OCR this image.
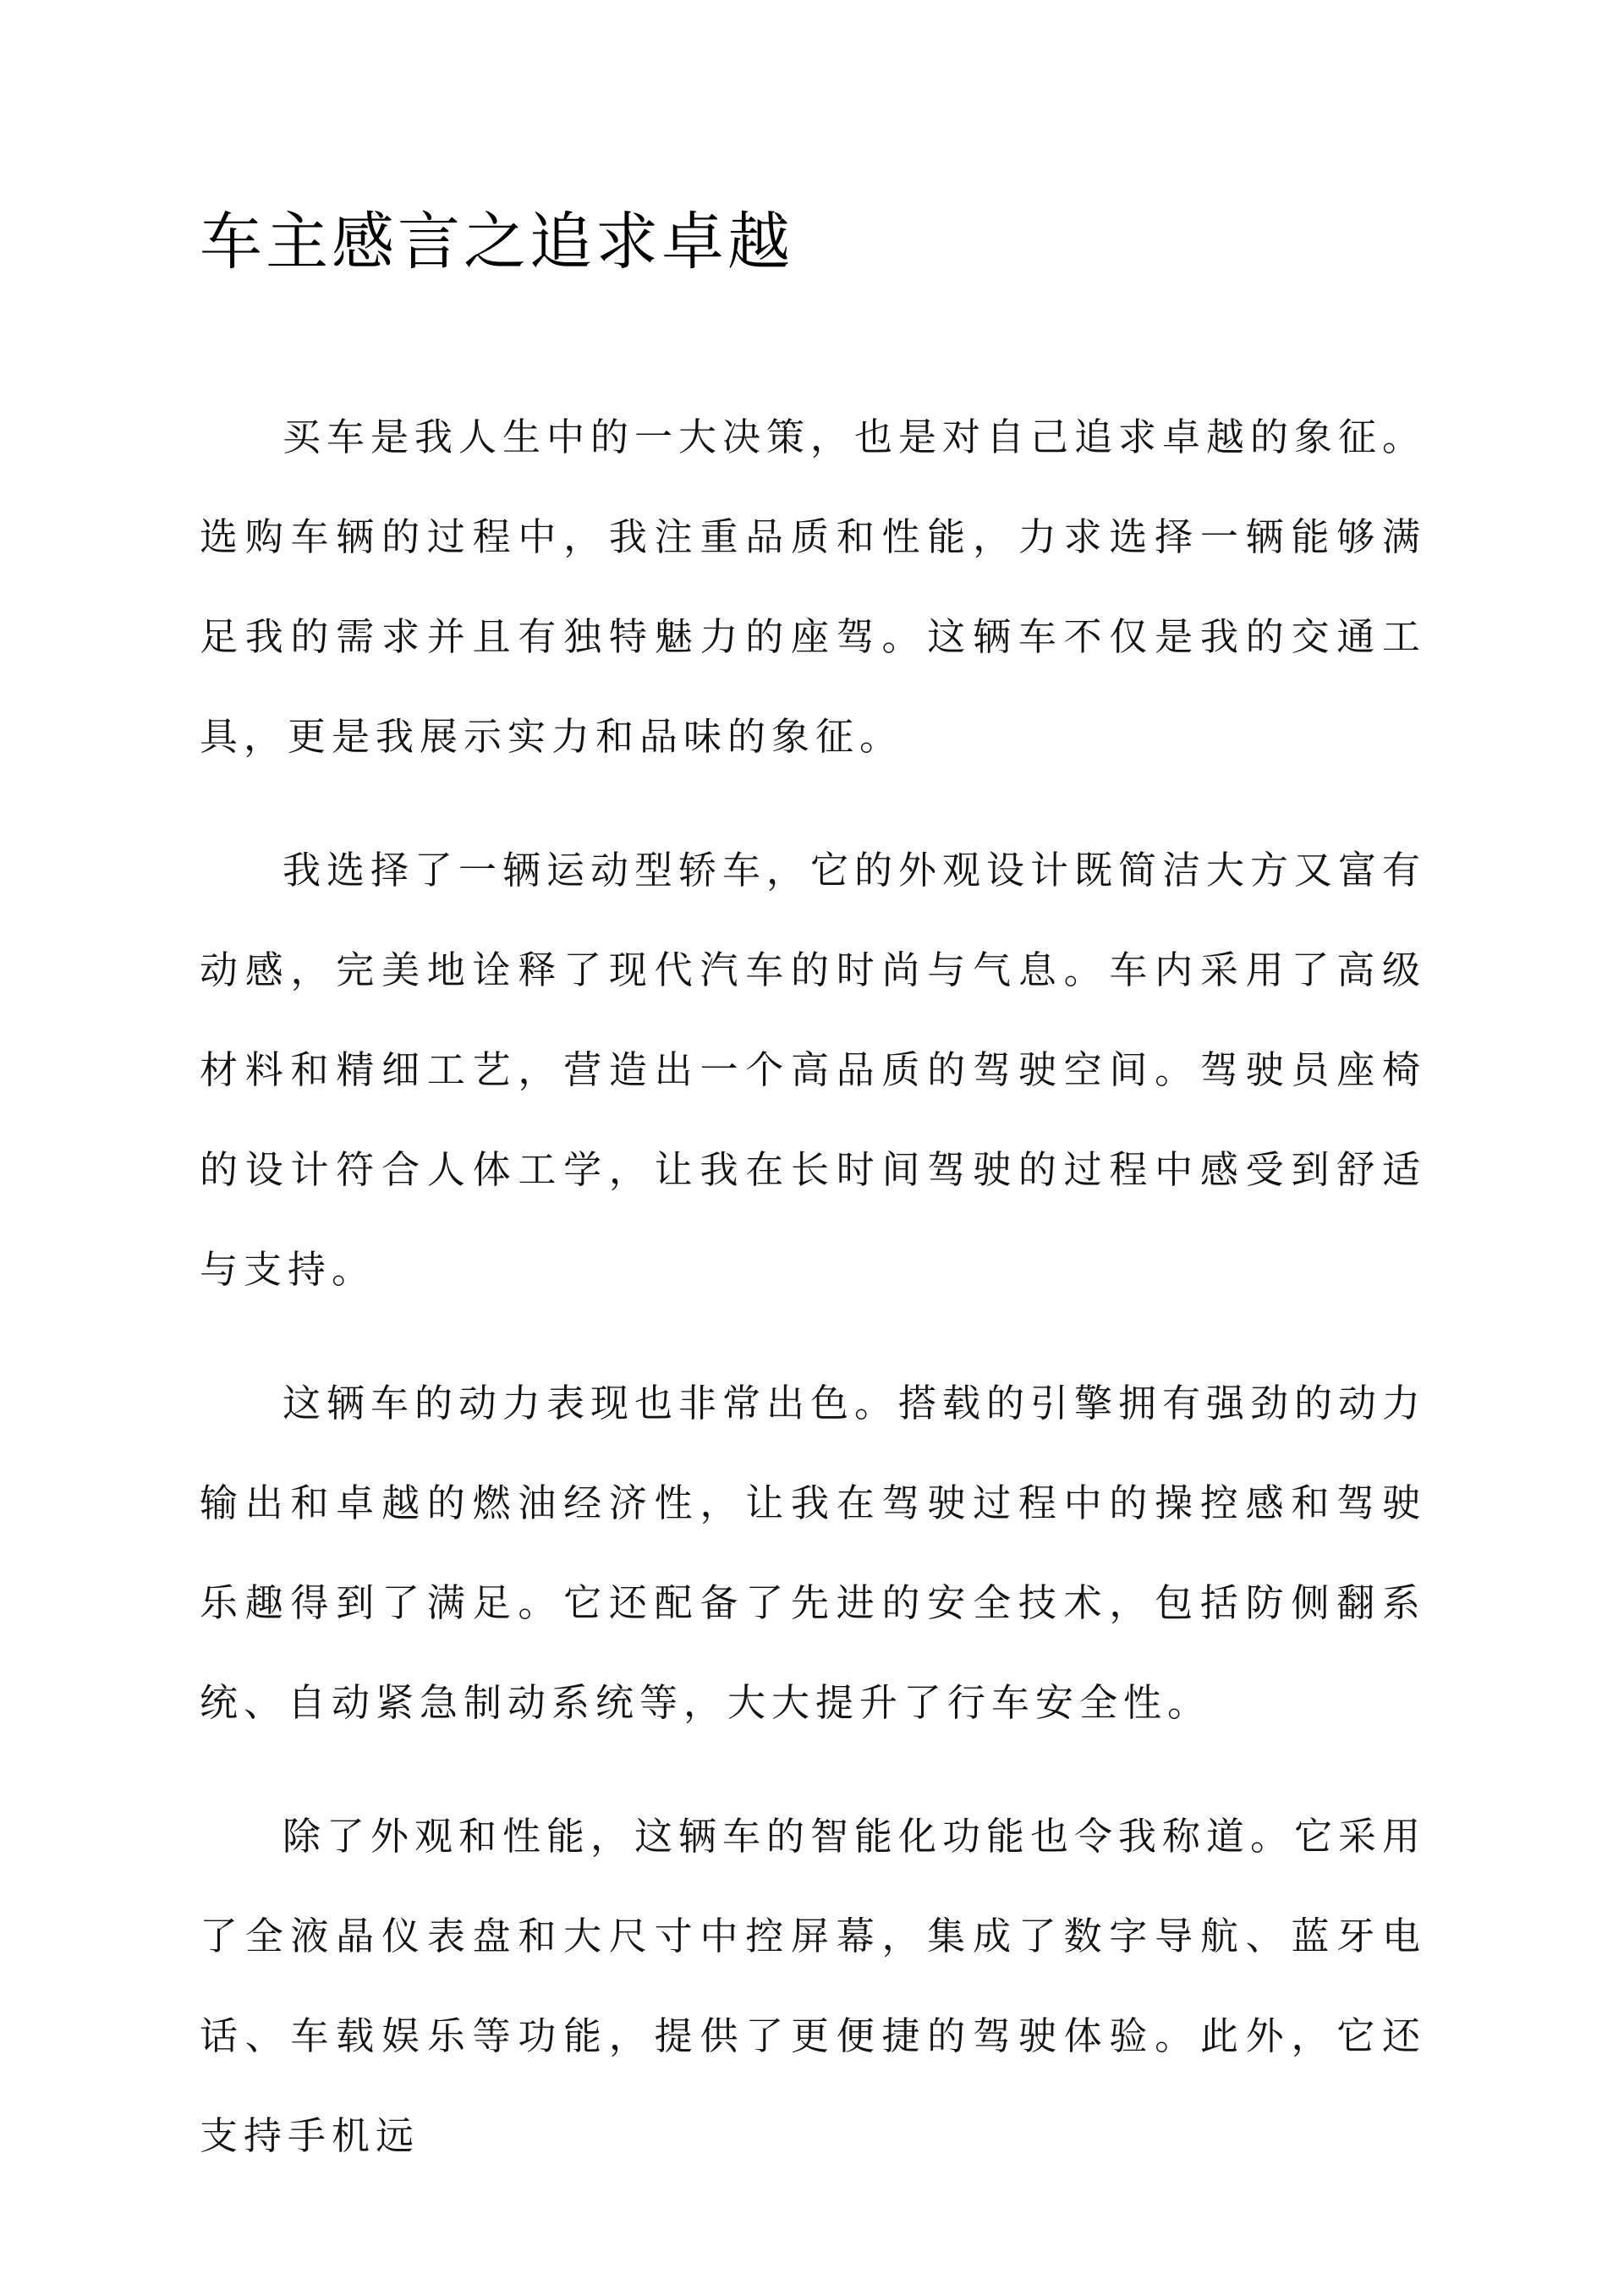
车主感言之追求卓越

买车是我人生中的一大决策，也是对自己追求卓越的象征。选购车辆的过程中，我注重品质和性能，力求选择一辆能够满足我的需求并且有独特魅力的座驾。这辆车不仅是我的交通工具，更是我展示实力和品味的象征。

我选择了一辆运动型轿车，它的外观设计既简洁大方又富有动感，完美地诠释了现代汽车的时尚与气息。车内采用了高级材料和精细工艺，营造出一个高品质的驾驶空间。驾驶员座椅的设计符合人体工学，让我在长时间驾驶的过程中感受到舒适与支持。

这辆车的动力表现也非常出色。搭载的引擎拥有强劲的动力输出和卓越的燃油经济性，让我在驾驶过程中的操控感和驾驶乐趣得到了满足。它还配备了先进的安全技术，包括防侧翻系统、自动紧急制动系统等，大大提升了行车安全性。

除了外观和性能，这辆车的智能化功能也令我称道。它采用了全液晶仪表盘和大尺寸中控屏幕，集成了数字导航、蓝牙电话、车载娱乐等功能，提供了更便捷的驾驶体验。此外，它还支持手机远
